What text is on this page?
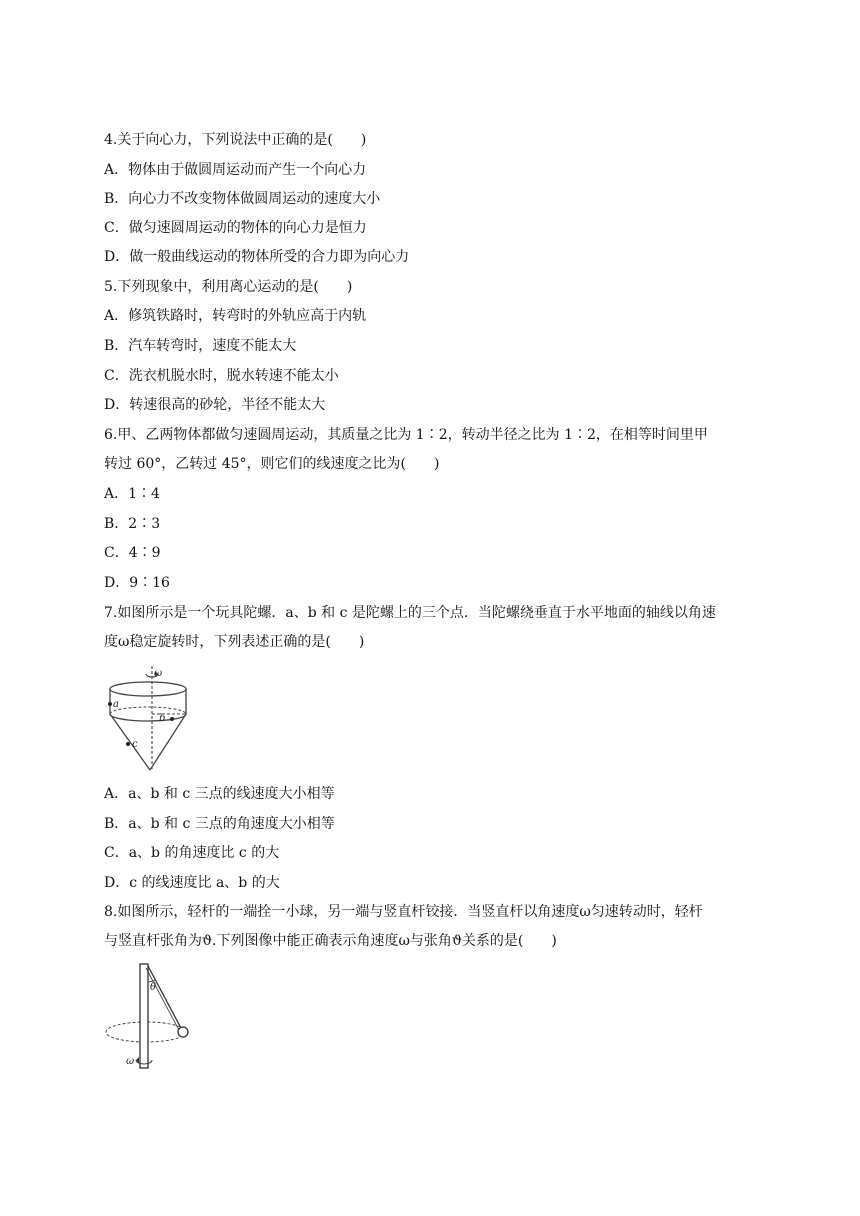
4.关于向心力，下列说法中正确的是(　　)
A．物体由于做圆周运动而产生一个向心力
B．向心力不改变物体做圆周运动的速度大小
C．做匀速圆周运动的物体的向心力是恒力
D．做一般曲线运动的物体所受的合力即为向心力
5.下列现象中，利用离心运动的是(　　)
A．修筑铁路时，转弯时的外轨应高于内轨
B．汽车转弯时，速度不能太大
C．洗衣机脱水时，脱水转速不能太小
D．转速很高的砂轮，半径不能太大
6.甲、乙两物体都做匀速圆周运动，其质量之比为 1∶2，转动半径之比为 1∶2，在相等时间里甲
转过 60°，乙转过 45°，则它们的线速度之比为(　　)
A．1∶4
B．2∶3
C．4∶9
D．9∶16
7.如图所示是一个玩具陀螺．a、b 和 c 是陀螺上的三个点．当陀螺绕垂直于水平地面的轴线以角速
度ω稳定旋转时，下列表述正确的是(　　)
ω
a
b
c
A．a、b 和 c 三点的线速度大小相等
B．a、b 和 c 三点的角速度大小相等
C．a、b 的角速度比 c 的大
D．c 的线速度比 a、b 的大
8.如图所示，轻杆的一端拴一小球，另一端与竖直杆铰接．当竖直杆以角速度ω匀速转动时，轻杆
与竖直杆张角为ϑ.下列图像中能正确表示角速度ω与张角ϑ关系的是(　　)
θ
ω
